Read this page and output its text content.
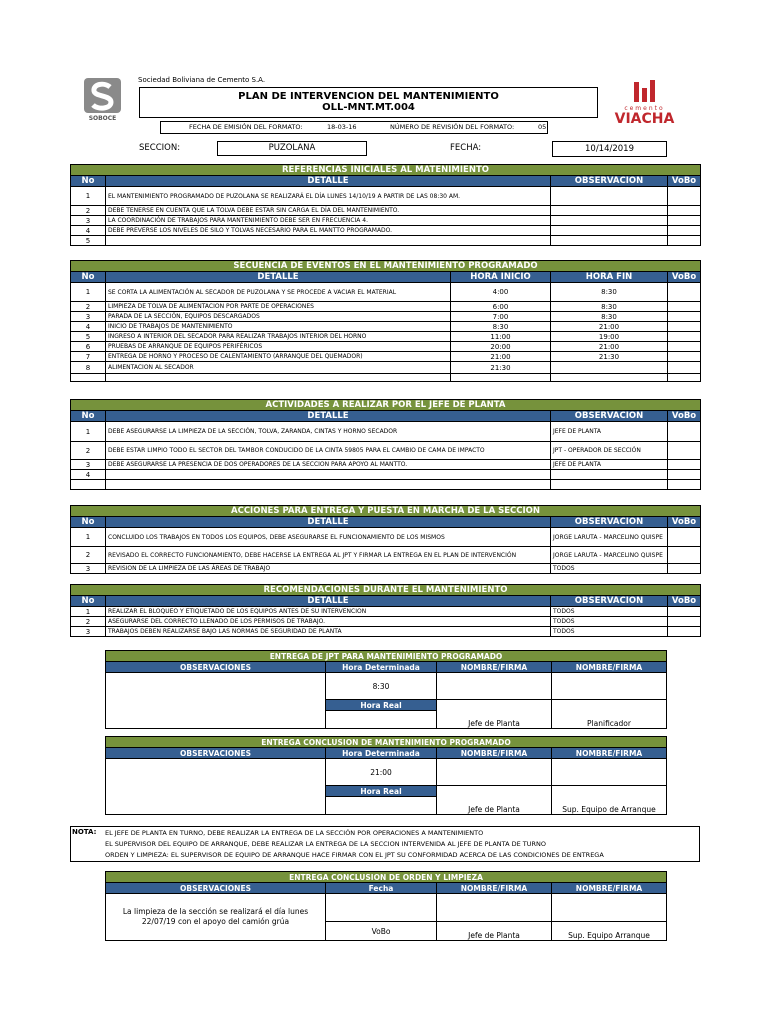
SOBOCE
Sociedad Boliviana de Cemento S.A.
PLAN DE INTERVENCION DEL MANTENIMIENTO
OLL-MNT.MT.004
FECHA DE EMISIÓN DEL FORMATO:	18-03-16	NÚMERO DE REVISIÓN DEL FORMATO:	05
cemento
VIACHA
SECCION:	PUZOLANA	FECHA:	10/14/2019
REFERENCIAS INICIALES AL MATENIMIENTO			
No	DETALLE	OBSERVACION	VoBo
1	EL MANTENIMIENTO PROGRAMADO DE PUZOLANA SE REALIZARÁ EL DÍA LUNES 14/10/19 A PARTIR DE LAS 08:30 AM.		
2	DEBE TENERSE EN CUENTA QUE LA TOLVA DEBE ESTAR SIN CARGA EL DÍA DEL MANTENIMIENTO.		
3	LA COORDINACIÓN DE TRABAJOS PARA MANTENIMIENTO DEBE SER EN FRECUENCIA 4.		
4	DEBE PREVERSE LOS NIVELES DE SILO Y TOLVAS NECESARIO PARA EL MANTTO PROGRAMADO.		
5			
SECUENCIA DE EVENTOS EN EL MANTENIMIENTO PROGRAMADO				
No	DETALLE	HORA INICIO	HORA FIN	VoBo
1	SE CORTA LA ALIMENTACIÓN AL SECADOR DE PUZOLANA Y SE PROCEDE A VACIAR EL MATERIAL	4:00	8:30	
2	LIMPIEZA DE TOLVA DE ALIMENTACION POR PARTE DE OPERACIONES	6:00	8:30	
3	PARADA DE LA SECCIÓN, EQUIPOS DESCARGADOS	7:00	8:30	
4	INICIO DE TRABAJOS DE MANTENIMIENTO	8:30	21:00	
5	INGRESO A INTERIOR DEL SECADOR PARA REALIZAR TRABAJOS INTERIOR DEL HORNO	11:00	19:00	
6	PRUEBAS DE ARRANQUE DE EQUIPOS PERIFÉRICOS	20:00	21:00	
7	ENTREGA DE HORNO Y PROCESO DE CALENTAMIENTO (ARRANQUE DEL QUEMADOR)	21:00	21:30	
8	ALIMENTACION AL SECADOR	21:30		

ACTIVIDADES A REALIZAR POR EL JEFE DE PLANTA			
No	DETALLE	OBSERVACION	VoBo
1	DEBE ASEGURARSE LA LIMPIEZA DE LA SECCIÓN, TOLVA, ZARANDA, CINTAS Y HORNO SECADOR	JEFE DE PLANTA	
2	DEBE ESTAR LIMPIO TODO EL SECTOR DEL TAMBOR CONDUCIDO DE LA CINTA 59805 PARA EL CAMBIO DE CAMA DE IMPACTO	JPT - OPERADOR DE SECCIÓN	
3	DEBE ASEGURARSE LA PRESENCIA DE DOS OPERADORES DE LA SECCION PARA APOYO AL MANTTO.	JEFE DE PLANTA	
4			

ACCIONES PARA ENTREGA Y PUESTA EN MARCHA DE LA SECCIÓN			
No	DETALLE	OBSERVACION	VoBo
1	CONCLUIDO LOS TRABAJOS EN TODOS LOS EQUIPOS, DEBE ASEGURARSE EL FUNCIONAMIENTO DE LOS MISMOS	JORGE LARUTA - MARCELINO QUISPE	
2	REVISADO EL CORRECTO FUNCIONAMIENTO, DEBE HACERSE LA ENTREGA AL JPT Y FIRMAR LA ENTREGA EN EL PLAN DE INTERVENCIÓN	JORGE LARUTA - MARCELINO QUISPE	
3	REVISION DE LA LIMPIEZA DE LAS ÁREAS DE TRABAJO	TODOS	
RECOMENDACIONES DURANTE EL MANTENIMIENTO			
No	DETALLE	OBSERVACION	VoBo
1	REALIZAR EL BLOQUEO Y ETIQUETADO DE LOS EQUIPOS ANTES DE SU INTERVENCION	TODOS	
2	ASEGURARSE DEL CORRECTO LLENADO DE LOS PERMISOS DE TRABAJO.	TODOS	
3	TRABAJOS DEBEN REALIZARSE BAJO LAS NORMAS DE SEGURIDAD DE PLANTA	TODOS	
ENTREGA DE JPT PARA MANTENIMIENTO PROGRAMADO			
OBSERVACIONES	Hora Determinada	NOMBRE/FIRMA	NOMBRE/FIRMA
	8:30		
	Hora Real	Jefe de Planta	Planificador

ENTREGA CONCLUSION DE MANTENIMIENTO PROGRAMADO			
OBSERVACIONES	Hora Determinada	NOMBRE/FIRMA	NOMBRE/FIRMA
	21:00		
	Hora Real	Jefe de Planta	Sup. Equipo de Arranque

NOTA: EL JEFE DE PLANTA EN TURNO, DEBE REALIZAR LA ENTREGA DE LA SECCIÓN POR OPERACIONES A MANTENIMIENTO
EL SUPERVISOR DEL EQUIPO DE ARRANQUE, DEBE REALIZAR LA ENTREGA DE LA SECCION INTERVENIDA AL JEFE DE PLANTA DE TURNO
ORDEN Y LIMPIEZA: EL SUPERVISOR DE EQUIPO DE ARRANQUE HACE FIRMAR CON EL JPT SU CONFORMIDAD ACERCA DE LAS CONDICIONES DE ENTREGA
ENTREGA CONCLUSION DE ORDEN Y LIMPIEZA			
OBSERVACIONES	Fecha	NOMBRE/FIRMA	NOMBRE/FIRMA
La limpieza de la sección se realizará el día lunes 22/07/19 con el apoyo del camión grúa			
	VoBo	Jefe de Planta	Sup. Equipo Arranque
